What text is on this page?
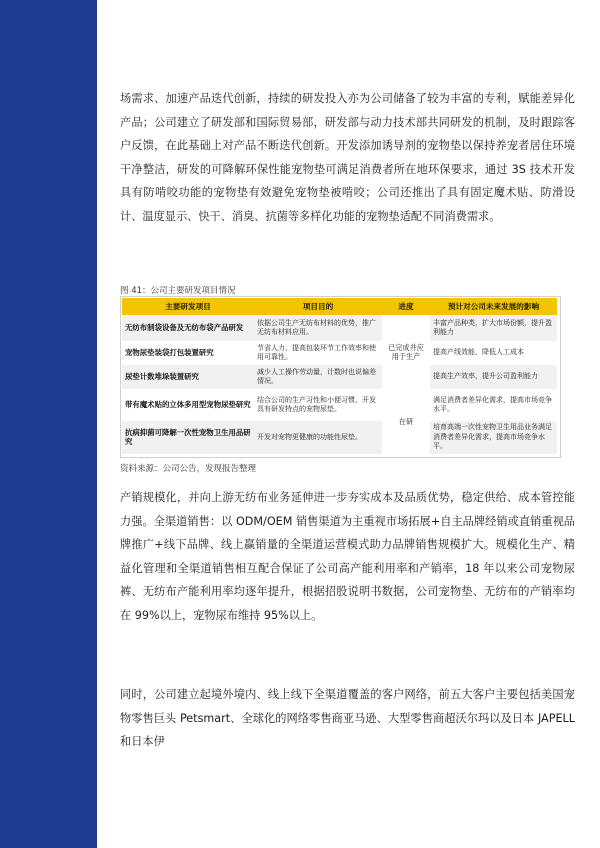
54

场需求、加速产品迭代创新，持续的研发投入亦为公司储备了较为丰富的专利，赋能差异化产品；公司建立了研发部和国际贸易部，研发部与动力技术部共同研发的机制，及时跟踪客户反馈，在此基础上对产品不断迭代创新。开发添加诱导剂的宠物垫以保持养宠者居住环境干净整洁，研发的可降解环保性能宠物垫可满足消费者所在地环保要求，通过 3S 技术开发具有防啃咬功能的宠物垫有效避免宠物垫被啃咬；公司还推出了具有固定魔术贴、防滑设计、温度显示、快干、消臭、抗菌等多样化功能的宠物垫适配不同消费需求。

图 41：公司主要研发项目情况
主要研发项目	项目目的	进度	预计对公司未来发展的影响
无纺布制袋设备及无纺布袋产品研发	依据公司生产无纺布材料的优势，推广无纺布材料应用。	已完成并应用于生产	丰富产品种类，扩大市场份额，提升盈利能力
宠物尿垫装袋打包装置研究	节省人力，提高包装环节工作效率和使用可靠性。		提高产线效能，降低人工成本
尿垫计数堆垛装置研究	减少人工操作劳动量，计数时也说偏差情况。		提高生产效率，提升公司盈利能力
带有魔术贴的立体多用型宠物尿垫研究	结合公司的生产习性和小便习惯，开发具有研发特点的宠物尿垫。	在研	满足消费者差异化需求，提高市场竞争水平。
抗病抑菌可降解一次性宠物卫生用品研究	开发对宠物更健康的功能性尿垫。		培育高端一次性宠物卫生用品业务满足消费者差异化需求，提高市场竞争水平。
资料来源：公司公告，发现报告整理

产销规模化，并向上游无纺布业务延伸进一步夯实成本及品质优势，稳定供给、成本管控能力强。全渠道销售：以 ODM/OEM 销售渠道为主重视市场拓展+自主品牌经销或直销重视品牌推广+线下品牌、线上赢销量的全渠道运营模式助力品牌销售规模扩大。规模化生产、精益化管理和全渠道销售相互配合保证了公司高产能利用率和产销率，18 年以来公司宠物尿裤、无纺布产能利用率均逐年提升，根据招股说明书数据，公司宠物垫、无纺布的产销率均在 99%以上，宠物尿布维持 95%以上。

同时，公司建立起境外境内、线上线下全渠道覆盖的客户网络，前五大客户主要包括美国宠物零售巨头 Petsmart、全球化的网络零售商亚马逊、大型零售商超沃尔玛以及日本 JAPELL 和日本伊
